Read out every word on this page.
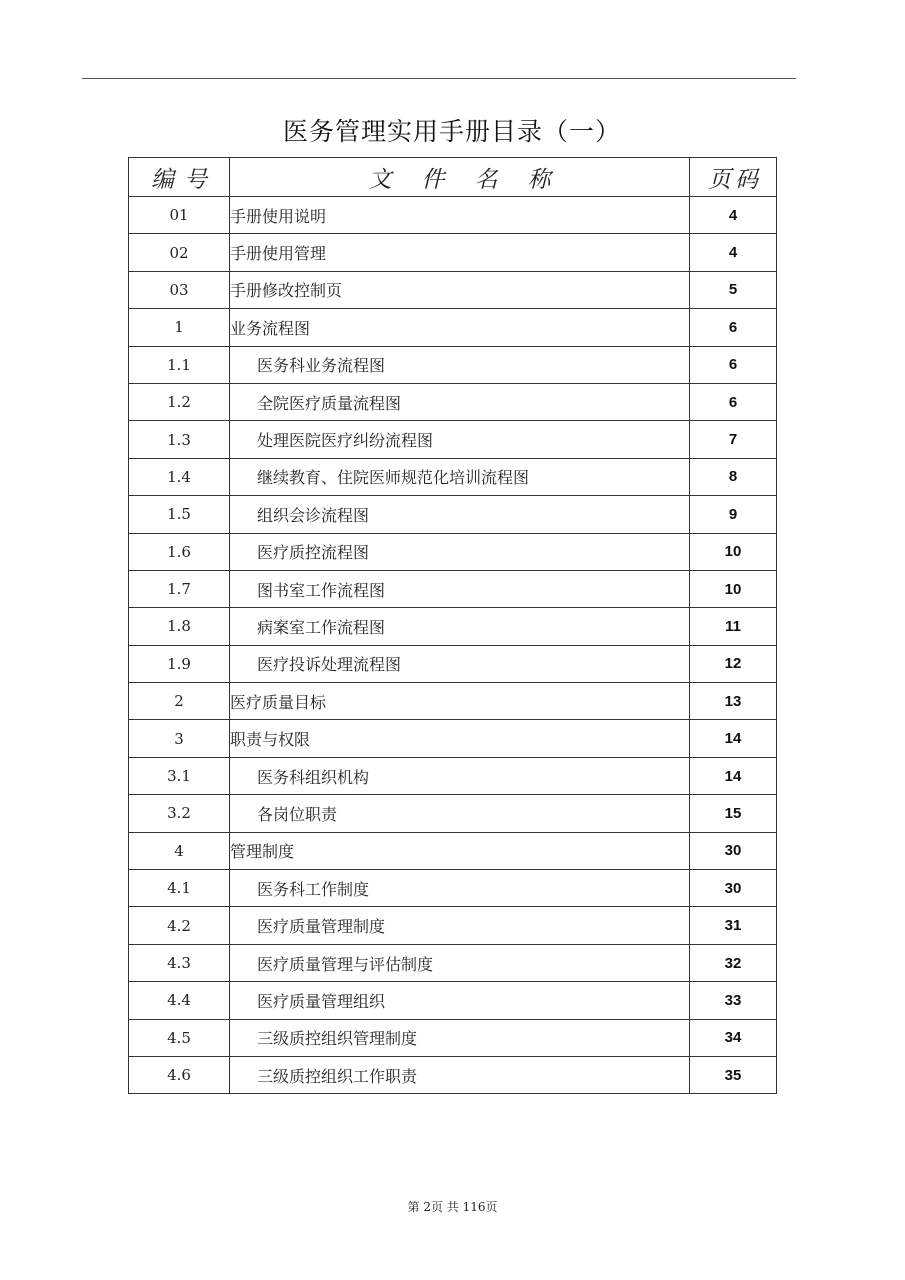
医务管理实用手册目录（一）
编号	文件名称	页码
01	手册使用说明	4
02	手册使用管理	4
03	手册修改控制页	5
1	业务流程图	6
1.1	医务科业务流程图	6
1.2	全院医疗质量流程图	6
1.3	处理医院医疗纠纷流程图	7
1.4	继续教育、住院医师规范化培训流程图	8
1.5	组织会诊流程图	9
1.6	医疗质控流程图	10
1.7	图书室工作流程图	10
1.8	病案室工作流程图	11
1.9	医疗投诉处理流程图	12
2	医疗质量目标	13
3	职责与权限	14
3.1	医务科组织机构	14
3.2	各岗位职责	15
4	管理制度	30
4.1	医务科工作制度	30
4.2	医疗质量管理制度	31
4.3	医疗质量管理与评估制度	32
4.4	医疗质量管理组织	33
4.5	三级质控组织管理制度	34
4.6	三级质控组织工作职责	35
第 2页 共 116页
